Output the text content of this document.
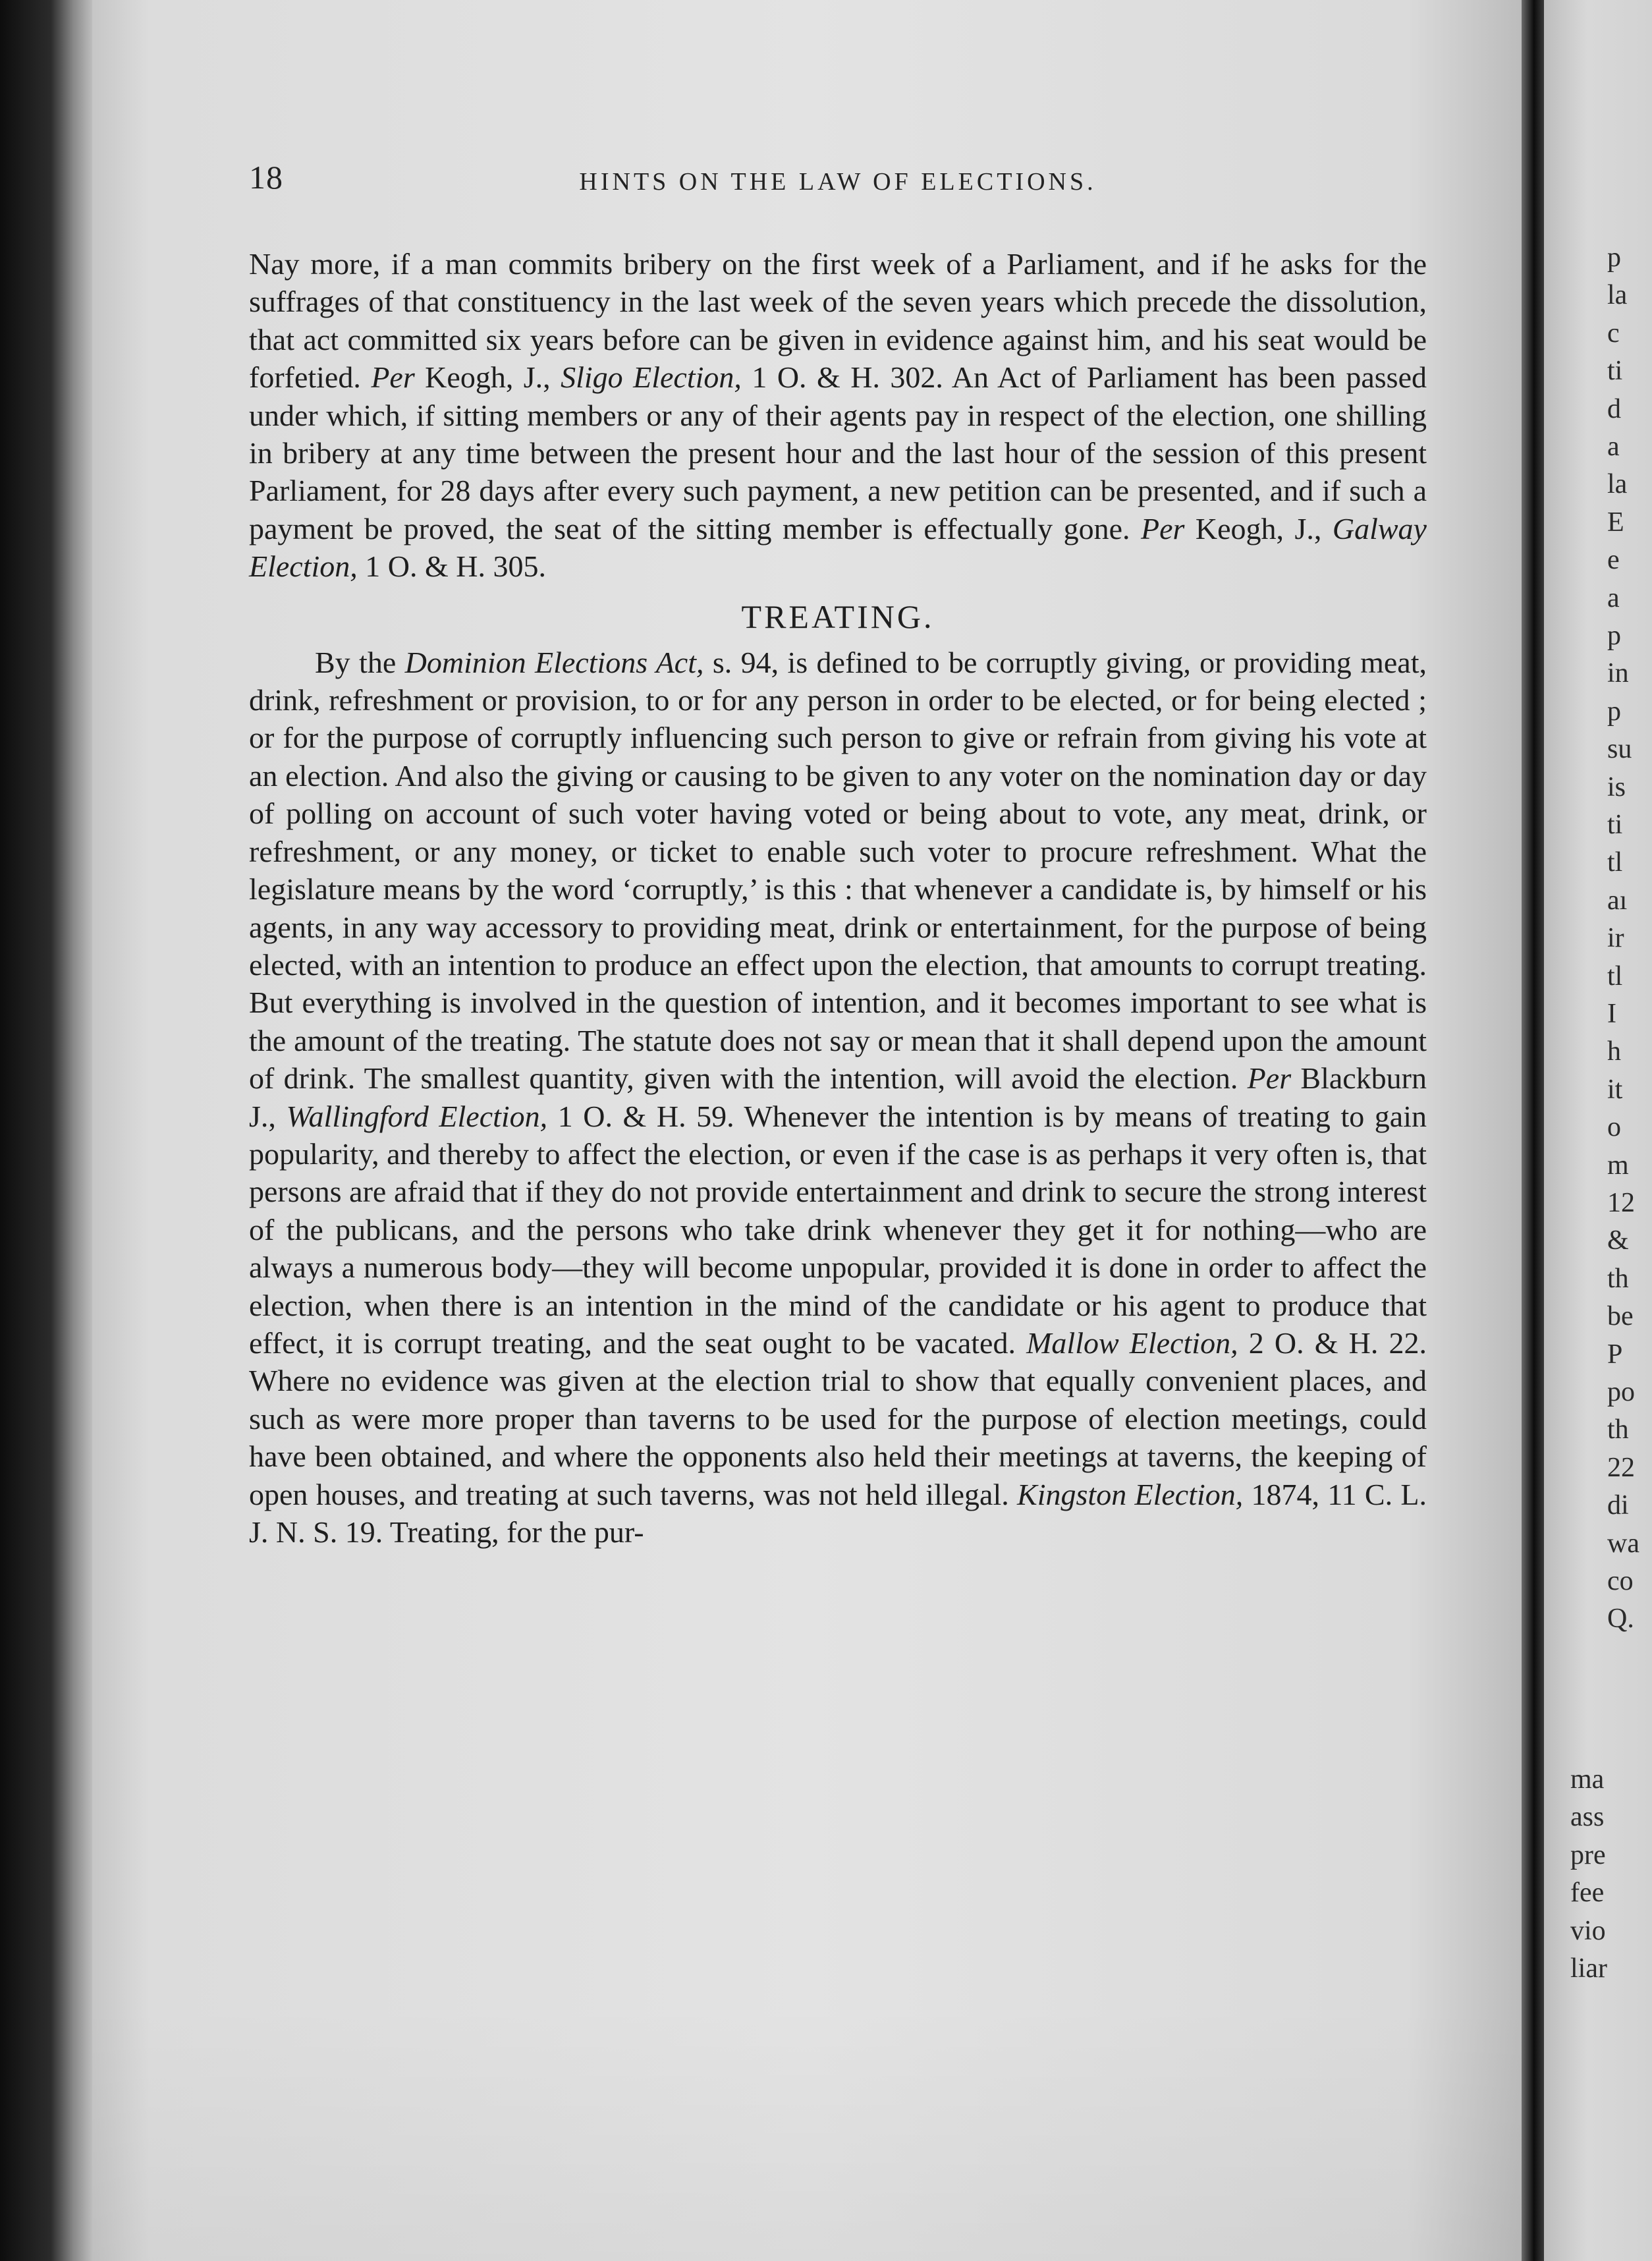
p
la
c
ti
d
a
la
E
e
a
p
in
p
su
is
ti
tl
aı
ir
tl
I
h
it
o
m
12
&
th
be
P
po
th
22
di
wa
co
Q.
ma
ass
pre
fee
vio
liar
18	HINTS ON THE LAW OF ELECTIONS.

Nay more, if a man commits bribery on the first week of a Parliament, and if he asks for the suffrages of that constituency in the last week of the seven years which precede the dissolution, that act committed six years before can be given in evidence against him, and his seat would be forfetied. Per Keogh, J., Sligo Election, 1 O. & H. 302. An Act of Parliament has been passed under which, if sitting members or any of their agents pay in respect of the election, one shilling in bribery at any time between the present hour and the last hour of the session of this present Parliament, for 28 days after every such payment, a new petition can be presented, and if such a payment be proved, the seat of the sitting member is effectually gone. Per Keogh, J., Galway Election, 1 O. & H. 305.

TREATING.

By the Dominion Elections Act, s. 94, is defined to be corruptly giving, or providing meat, drink, refreshment or provision, to or for any person in order to be elected, or for being elected ; or for the purpose of corruptly influencing such person to give or refrain from giving his vote at an election. And also the giving or causing to be given to any voter on the nomination day or day of polling on account of such voter having voted or being about to vote, any meat, drink, or refreshment, or any money, or ticket to enable such voter to procure refreshment. What the legislature means by the word ‘corruptly,’ is this : that whenever a candidate is, by himself or his agents, in any way accessory to providing meat, drink or entertainment, for the purpose of being elected, with an intention to produce an effect upon the election, that amounts to corrupt treating. But everything is involved in the question of intention, and it becomes important to see what is the amount of the treating. The statute does not say or mean that it shall depend upon the amount of drink. The smallest quantity, given with the intention, will avoid the election. Per Blackburn J., Wallingford Election, 1 O. & H. 59. Whenever the intention is by means of treating to gain popularity, and thereby to affect the election, or even if the case is as perhaps it very often is, that persons are afraid that if they do not provide entertainment and drink to secure the strong interest of the publicans, and the persons who take drink whenever they get it for nothing—who are always a numerous body—they will become unpopular, provided it is done in order to affect the election, when there is an intention in the mind of the candidate or his agent to produce that effect, it is corrupt treating, and the seat ought to be vacated. Mallow Election, 2 O. & H. 22. Where no evidence was given at the election trial to show that equally convenient places, and such as were more proper than taverns to be used for the purpose of election meetings, could have been obtained, and where the opponents also held their meetings at taverns, the keeping of open houses, and treating at such taverns, was not held illegal. Kingston Election, 1874, 11 C. L. J. N. S. 19. Treating, for the pur-
